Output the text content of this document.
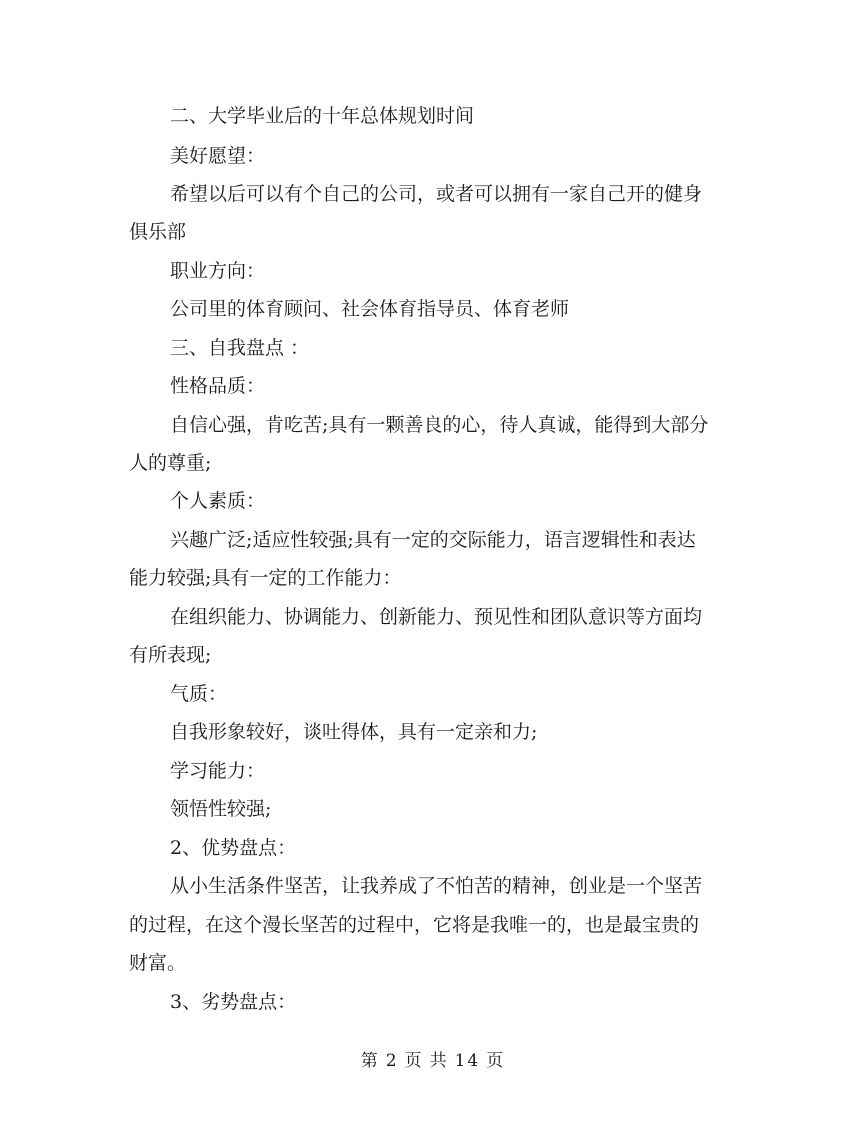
二、大学毕业后的十年总体规划时间
美好愿望：
希望以后可以有个自己的公司，或者可以拥有一家自己开的健身
俱乐部
职业方向：
公司里的体育顾问、社会体育指导员、体育老师
三、自我盘点 ：
性格品质：
自信心强，肯吃苦;具有一颗善良的心，待人真诚，能得到大部分
人的尊重;
个人素质：
兴趣广泛;适应性较强;具有一定的交际能力，语言逻辑性和表达
能力较强;具有一定的工作能力：
在组织能力、协调能力、创新能力、预见性和团队意识等方面均
有所表现;
气质：
自我形象较好，谈吐得体，具有一定亲和力;
学习能力：
领悟性较强;
2、优势盘点：
从小生活条件坚苦，让我养成了不怕苦的精神，创业是一个坚苦
的过程，在这个漫长坚苦的过程中，它将是我唯一的，也是最宝贵的
财富。
3、劣势盘点：
第 2 页 共 14 页
